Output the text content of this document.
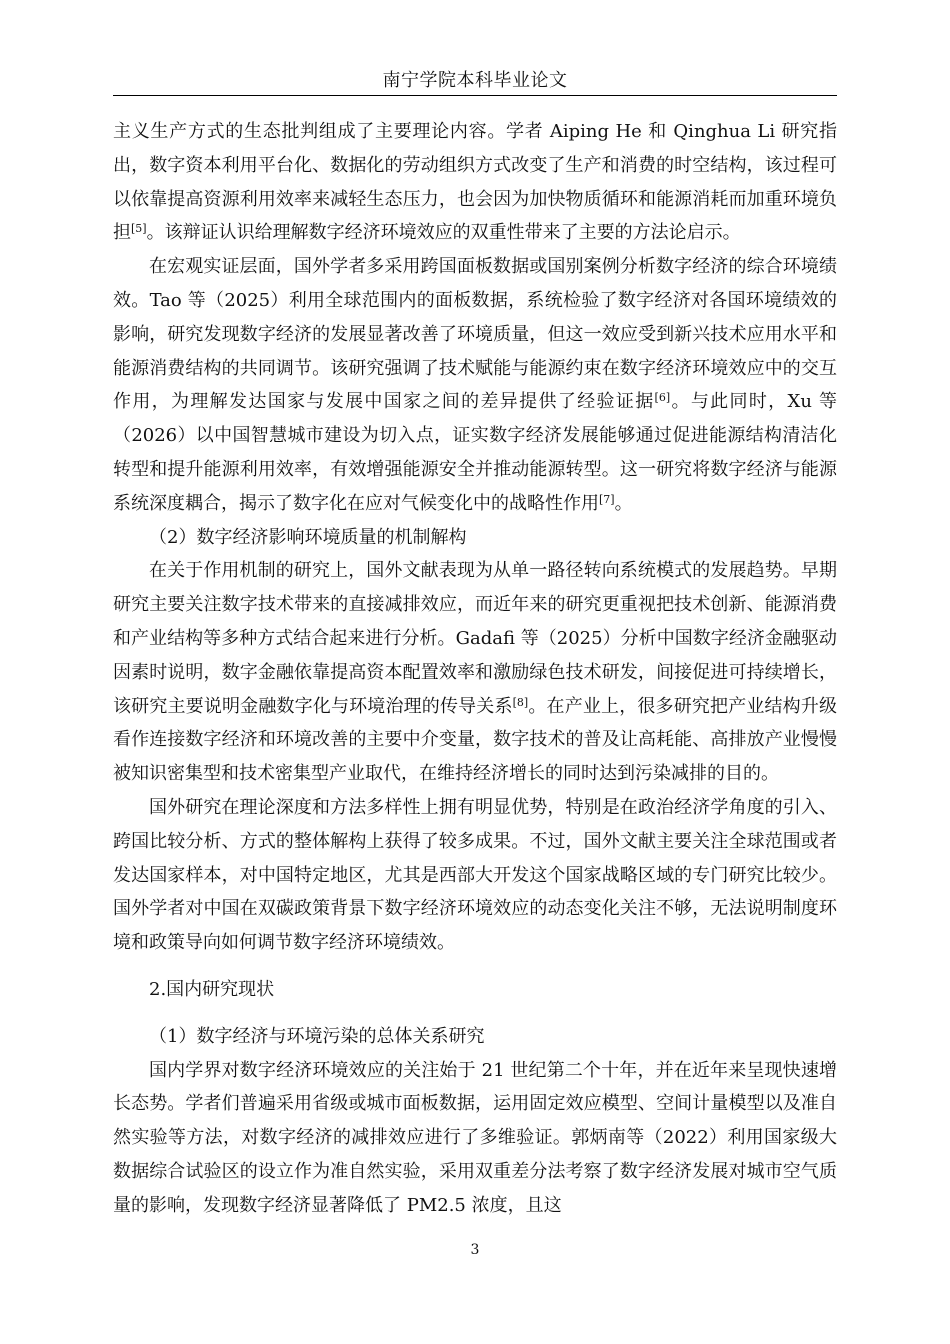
南宁学院本科毕业论文

主义生产方式的生态批判组成了主要理论内容。学者 Aiping He 和 Qinghua Li 研究指出，数字资本利用平台化、数据化的劳动组织方式改变了生产和消费的时空结构，该过程可以依靠提高资源利用效率来减轻生态压力，也会因为加快物质循环和能源消耗而加重环境负担[5]。该辩证认识给理解数字经济环境效应的双重性带来了主要的方法论启示。

在宏观实证层面，国外学者多采用跨国面板数据或国别案例分析数字经济的综合环境绩效。Tao 等（2025）利用全球范围内的面板数据，系统检验了数字经济对各国环境绩效的影响，研究发现数字经济的发展显著改善了环境质量，但这一效应受到新兴技术应用水平和能源消费结构的共同调节。该研究强调了技术赋能与能源约束在数字经济环境效应中的交互作用，为理解发达国家与发展中国家之间的差异提供了经验证据[6]。与此同时，Xu 等（2026）以中国智慧城市建设为切入点，证实数字经济发展能够通过促进能源结构清洁化转型和提升能源利用效率，有效增强能源安全并推动能源转型。这一研究将数字经济与能源系统深度耦合，揭示了数字化在应对气候变化中的战略性作用[7]。

（2）数字经济影响环境质量的机制解构

在关于作用机制的研究上，国外文献表现为从单一路径转向系统模式的发展趋势。早期研究主要关注数字技术带来的直接减排效应，而近年来的研究更重视把技术创新、能源消费和产业结构等多种方式结合起来进行分析。Gadafi 等（2025）分析中国数字经济金融驱动因素时说明，数字金融依靠提高资本配置效率和激励绿色技术研发，间接促进可持续增长，该研究主要说明金融数字化与环境治理的传导关系[8]。在产业上，很多研究把产业结构升级看作连接数字经济和环境改善的主要中介变量，数字技术的普及让高耗能、高排放产业慢慢被知识密集型和技术密集型产业取代，在维持经济增长的同时达到污染减排的目的。

国外研究在理论深度和方法多样性上拥有明显优势，特别是在政治经济学角度的引入、跨国比较分析、方式的整体解构上获得了较多成果。不过，国外文献主要关注全球范围或者发达国家样本，对中国特定地区，尤其是西部大开发这个国家战略区域的专门研究比较少。国外学者对中国在双碳政策背景下数字经济环境效应的动态变化关注不够，无法说明制度环境和政策导向如何调节数字经济环境绩效。

2.国内研究现状

（1）数字经济与环境污染的总体关系研究

国内学界对数字经济环境效应的关注始于 21 世纪第二个十年，并在近年来呈现快速增长态势。学者们普遍采用省级或城市面板数据，运用固定效应模型、空间计量模型以及准自然实验等方法，对数字经济的减排效应进行了多维验证。郭炳南等（2022）利用国家级大数据综合试验区的设立作为准自然实验，采用双重差分法考察了数字经济发展对城市空气质量的影响，发现数字经济显著降低了 PM2.5 浓度，且这

3
